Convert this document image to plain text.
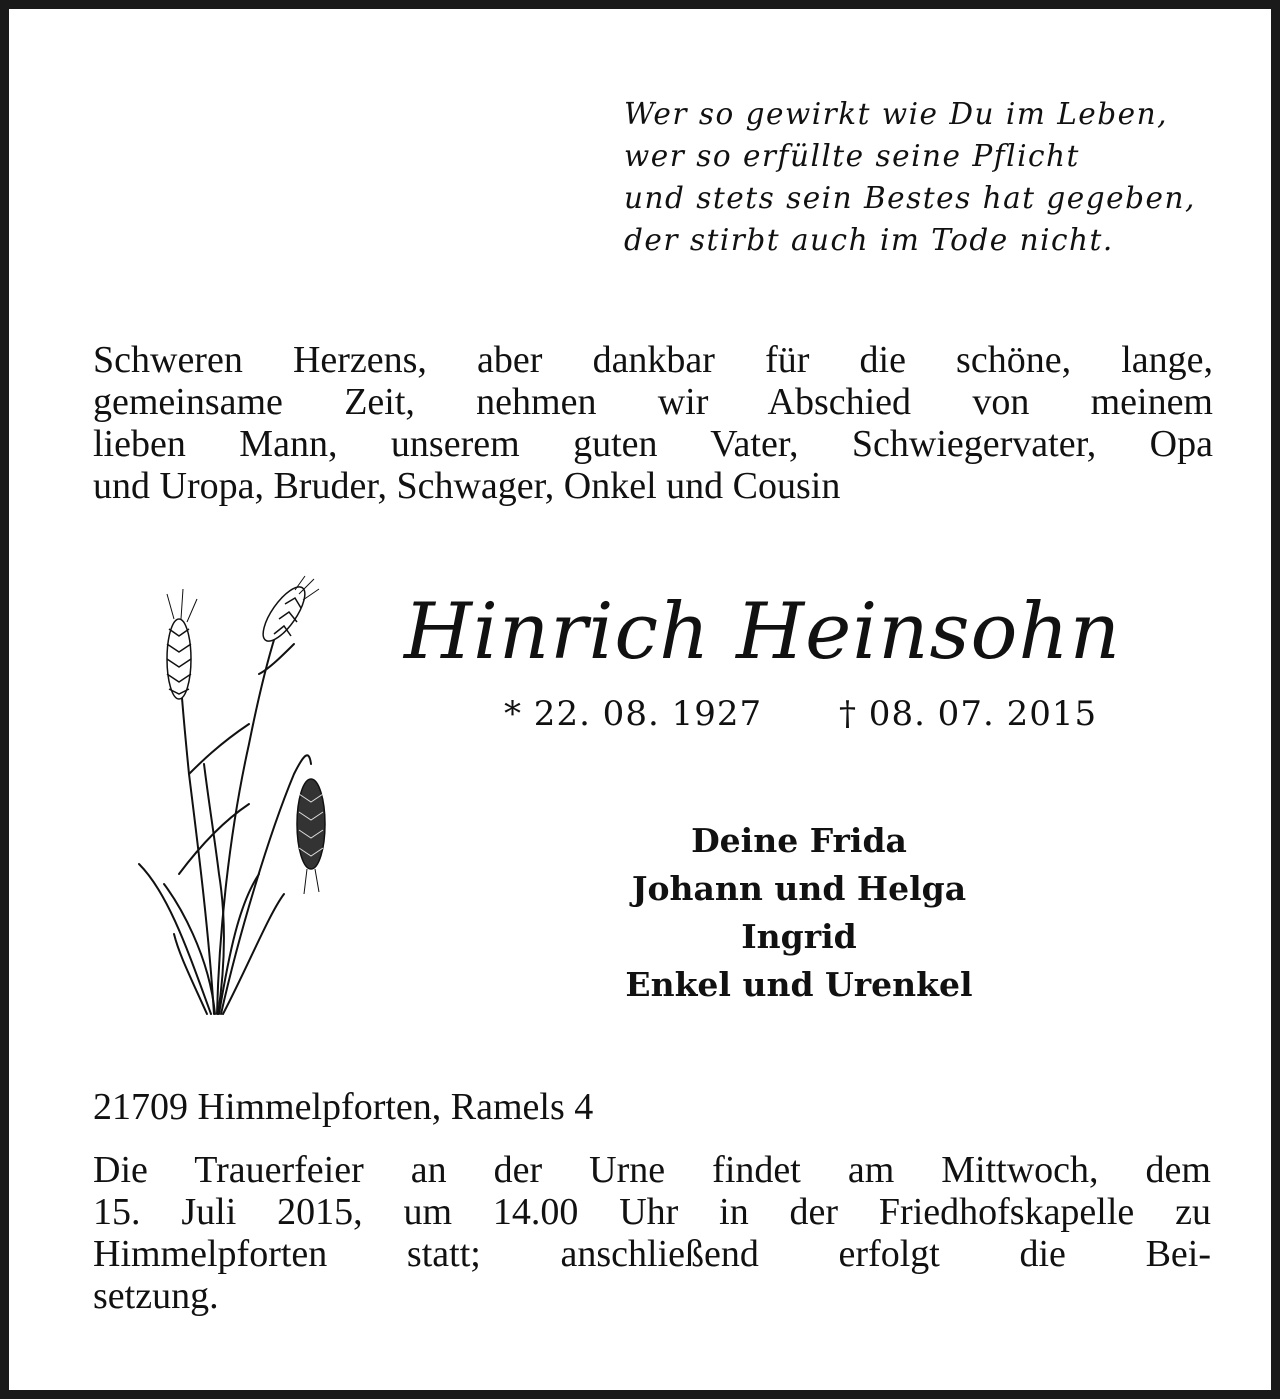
Wer so gewirkt wie Du im Leben,
wer so erfüllte seine Pflicht
und stets sein Bestes hat gegeben,
der stirbt auch im Tode nicht.
Schweren Herzens, aber dankbar für die schöne, lange,
gemeinsame Zeit, nehmen wir Abschied von meinem
lieben Mann, unserem guten Vater, Schwiegervater, Opa
und Uropa, Bruder, Schwager, Onkel und Cousin
Hinrich Heinsohn
* 22. 08. 1927 † 08. 07. 2015
Deine Frida
Johann und Helga
Ingrid
Enkel und Urenkel
21709 Himmelpforten, Ramels 4
Die Trauerfeier an der Urne findet am Mittwoch, dem
15. Juli 2015, um 14.00 Uhr in der Friedhofskapelle zu
Himmelpforten statt; anschließend erfolgt die Bei-
setzung.
